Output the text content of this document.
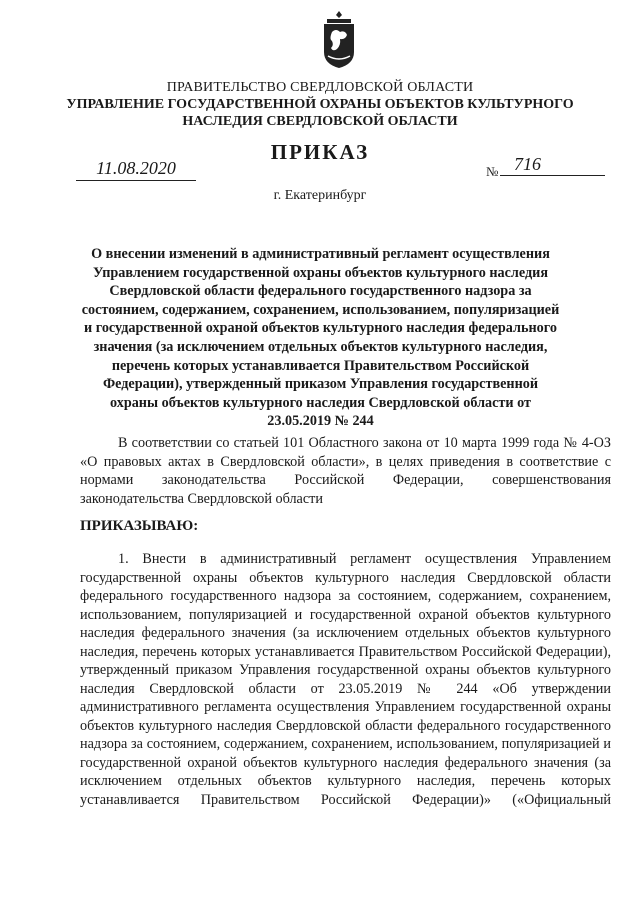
ПРАВИТЕЛЬСТВО СВЕРДЛОВСКОЙ ОБЛАСТИ
УПРАВЛЕНИЕ ГОСУДАРСТВЕННОЙ ОХРАНЫ ОБЪЕКТОВ КУЛЬТУРНОГО НАСЛЕДИЯ СВЕРДЛОВСКОЙ ОБЛАСТИ
ПРИКАЗ
11.08.2020	№ 716
г. Екатеринбург
О внесении изменений в административный регламент осуществления Управлением государственной охраны объектов культурного наследия Свердловской области федерального государственного надзора за состоянием, содержанием, сохранением, использованием, популяризацией и государственной охраной объектов культурного наследия федерального значения (за исключением отдельных объектов культурного наследия, перечень которых устанавливается Правительством Российской Федерации), утвержденный приказом Управления государственной охраны объектов культурного наследия Свердловской области от 23.05.2019 № 244
В соответствии со статьей 101 Областного закона от 10 марта 1999 года № 4-ОЗ «О правовых актах в Свердловской области», в целях приведения в соответствие с нормами законодательства Российской Федерации, совершенствования законодательства Свердловской области
ПРИКАЗЫВАЮ:
1. Внести в административный регламент осуществления Управлением государственной охраны объектов культурного наследия Свердловской области федерального государственного надзора за состоянием, содержанием, сохранением, использованием, популяризацией и государственной охраной объектов культурного наследия федерального значения (за исключением отдельных объектов культурного наследия, перечень которых устанавливается Правительством Российской Федерации), утвержденный приказом Управления государственной охраны объектов культурного наследия Свердловской области от 23.05.2019 № 244 «Об утверждении административного регламента осуществления Управлением государственной охраны объектов культурного наследия Свердловской области федерального государственного надзора за состоянием, содержанием, сохранением, использованием, популяризацией и государственной охраной объектов культурного наследия федерального значения (за исключением отдельных объектов культурного наследия, перечень которых устанавливается Правительством Российской Федерации)» («Официальный
